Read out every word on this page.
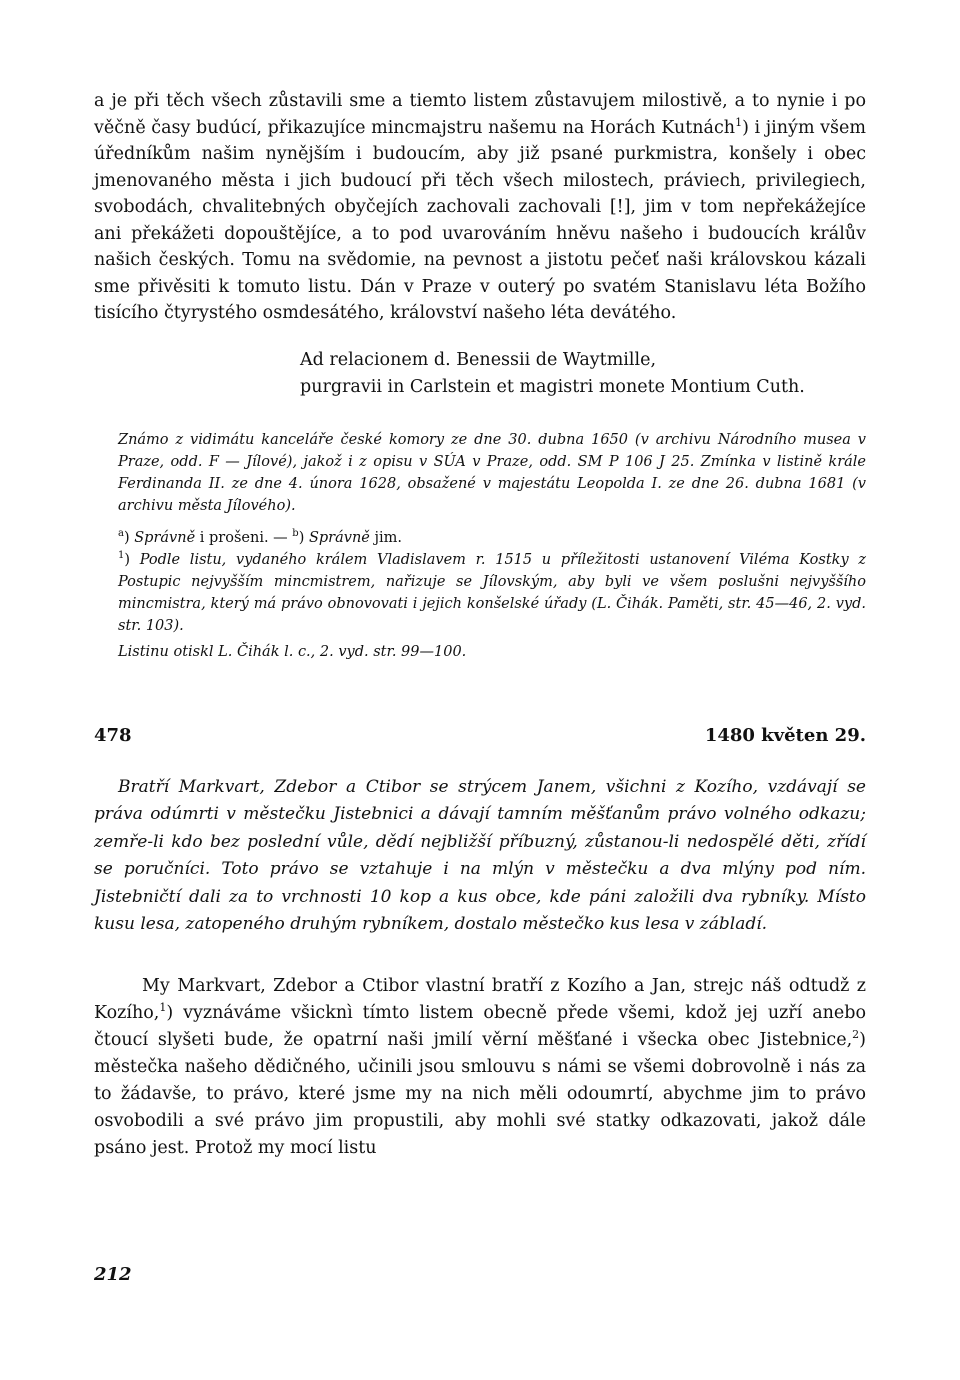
a je při těch všech zůstavili sme a tiemto listem zůstavujem milostivě, a to nynie i po věčně časy budúcí, přikazujíce mincmajstru našemu na Horách Kutnách$^1$) i jiným všem úředníkům našim nynějším i budoucím, aby již psané purkmistra, konšely i obec jmenovaného města i jich budoucí při těch všech milostech, práviech, privilegiech, svobodách, chvalitebných obyčejích zachovali zachovali [!], jim v tom nepřekážejíce ani překážeti dopouštějíce, a to pod uvarováním hněvu našeho i budoucích králův našich českých. Tomu na svědomie, na pevnost a jistotu pečeť naši královskou kázali sme přivěsiti k tomuto listu. Dán v Praze v outerý po svatém Stanislavu léta Božího tisícího čtyrystého osmdesátého, království našeho léta devátého.

Ad relacionem d. Benessii de Waytmille,
purgravii in Carlstein et magistri monete Montium Cuth.

Známo z vidimátu kanceláře české komory ze dne 30. dubna 1650 (v archivu Národního musea v Praze, odd. F — Jílové), jakož i z opisu v SÚA v Praze, odd. SM P 106 J 25. Zmínka v listině krále Ferdinanda II. ze dne 4. února 1628, obsažené v majestátu Leopolda I. ze dne 26. dubna 1681 (v archivu města Jílového).

$^a$) Správně i prošeni. — $^b$) Správně jim.

$^1$) Podle listu, vydaného králem Vladislavem r. 1515 u příležitosti ustanovení Viléma Kostky z Postupic nejvyšším mincmistrem, nařizuje se Jílovským, aby byli ve všem poslušni nejvyššího mincmistra, který má právo obnovovati i jejich konšelské úřady (L. Čihák. Paměti, str. 45—46, 2. vyd. str. 103).

Listinu otiskl L. Čihák l. c., 2. vyd. str. 99—100.

478	1480 květen 29.

Bratří Markvart, Zdebor a Ctibor se strýcem Janem, všichni z Kozího, vzdávají se práva odúmrti v městečku Jistebnici a dávají tamním měšťanům právo volného odkazu; zemře-li kdo bez poslední vůle, dědí nejbližší příbuzný, zůstanou-li nedospělé děti, zřídí se poručníci. Toto právo se vztahuje i na mlýn v městečku a dva mlýny pod ním. Jistebničtí dali za to vrchnosti 10 kop a kus obce, kde páni založili dva rybníky. Místo kusu lesa, zatopeného druhým rybníkem, dostalo městečko kus lesa v zábladí.

My Markvart, Zdebor a Ctibor vlastní bratří z Kozího a Jan, strejc náš odtudž z Kozího,$^1$) vyznáváme všicknì tímto listem obecně přede všemi, kdož jej uzří anebo čtoucí slyšeti bude, že opatrní naši jmilí věrní měšťané i všecka obec Jistebnice,$^2$) městečka našeho dědičného, učinili jsou smlouvu s námi se všemi dobrovolně i nás za to žádavše, to právo, které jsme my na nich měli odoumrtí, abychme jim to právo osvobodili a své právo jim propustili, aby mohli své statky odkazovati, jakož dále psáno jest. Protož my mocí listu

212
